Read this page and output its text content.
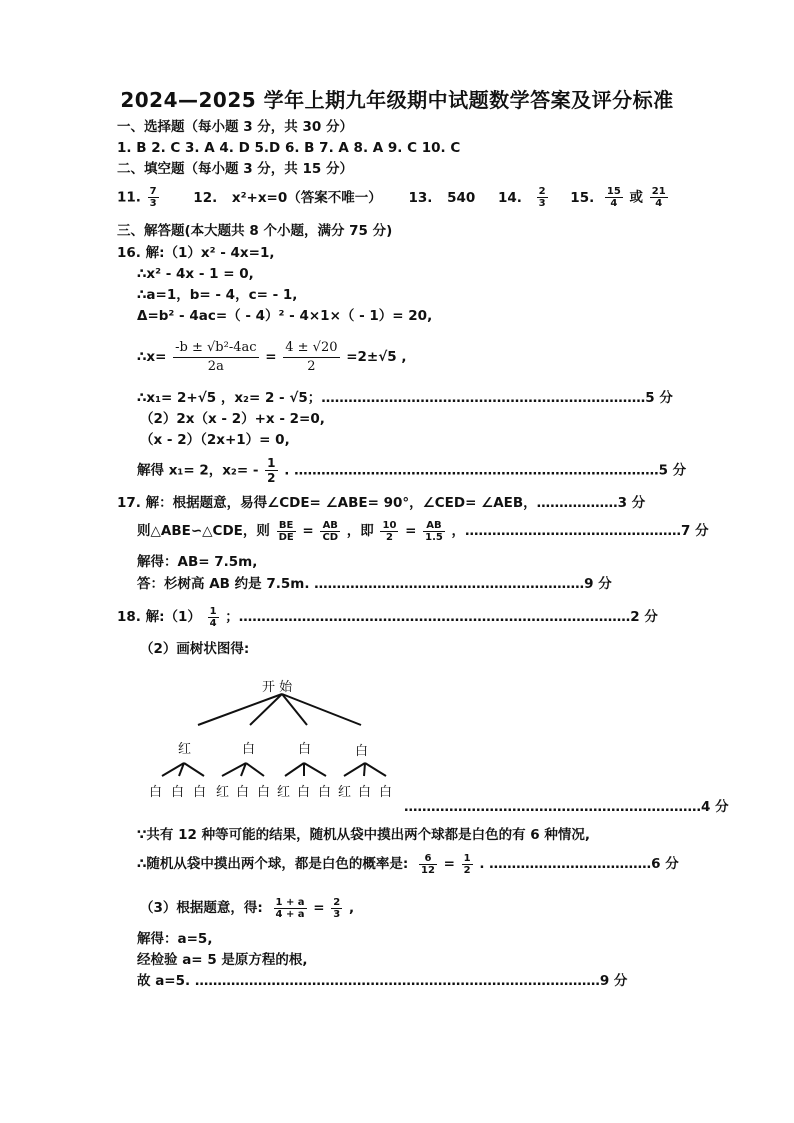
2024—2025 学年上期九年级期中试题数学答案及评分标准
一、选择题（每小题 3 分，共 30 分）
1. B 2. C 3. A 4. D 5.D 6. B 7. A 8. A 9. C 10. C
二、填空题（每小题 3 分，共 15 分）
11. $\frac{7}{3}$	12. x²+x=0（答案不唯一） 13. 540 14. $\frac{2}{3} 15$. $\frac{15}{4}$ 或 $\frac{21}{4}$
三、解答题(本大题共 8 个小题，满分 75 分)
16. 解:（1）x² - 4x=1,
∴x² - 4x - 1 = 0,
∴a=1，b= - 4，c= - 1,
Δ=b² - 4ac=（ - 4）² - 4×1×（ - 1）= 20,
∴x= $\frac{\text{-b ± √b²-4ac}}{2a} = \frac{4 \pm √20}{2} =2\pm√5$ ,
∴x₁= 2+√5 ，x₂= 2 - √5；………………………………………………………………5 分
（2）2x（x - 2）+x - 2=0,
（x - 2）（2x+1）= 0,
解得 x₁= 2，$x_2= - \frac{1}{2}$ . ………………………………………………………………………5 分
17. 解：根据题意，易得∠CDE= ∠ABE= 90°，∠CED= ∠AEB，………………3 分
则△ABE∽△CDE，则 $\frac{BE}{DE} = \frac{AB}{CD}$ ，即 $\frac{10}{2} = \frac{AB}{1.5}$ ，…………………………………………7 分
解得：AB= 7.5m,
答：杉树高 AB 约是 7.5m. ……………………………………………………9 分
18. 解:（1） $\frac{1}{4}$ ；……………………………………………………………………………2 分
（2）画树状图得:
开 始
红	白	白	白
白 白 白 红 白 白 红 白 白 红 白 白
…………………………………………………………4 分
∵共有 12 种等可能的结果，随机从袋中摸出两个球都是白色的有 6 种情况,
∴随机从袋中摸出两个球，都是白色的概率是: $\frac{6}{12} = \frac{1}{2}$ . ………………………………6 分
（3）根据题意，得: $\frac{1 + a}{4 + a} = \frac{2}{3}$ ,
解得：a=5,
经检验 a= 5 是原方程的根,
故 a=5. ………………………………………………………………………………9 分
